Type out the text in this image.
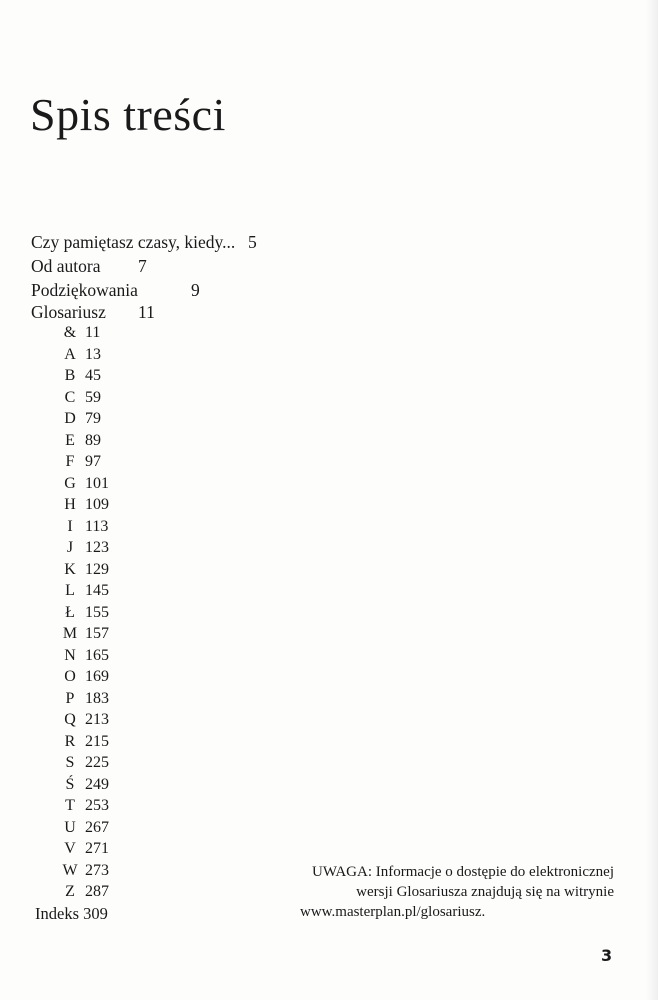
Spis treści
Czy pamiętasz czasy, kiedy... 5
Od autora 7
Podziękowania	9
Glosariusz 11
& 11
A 13
B 45
C 59
D 79
E 89
F 97
G 101
H 109
I 113
J 123
K 129
L 145
Ł 155
M 157
N 165
O 169
P 183
Q 213
R 215
S 225
Ś 249
T 253
U 267
V 271
W 273
Z 287
Indeks 309
UWAGA: Informacje o dostępie do elektronicznej
wersji Glosariusza znajdują się na witrynie
www.masterplan.pl/glosariusz.
3
